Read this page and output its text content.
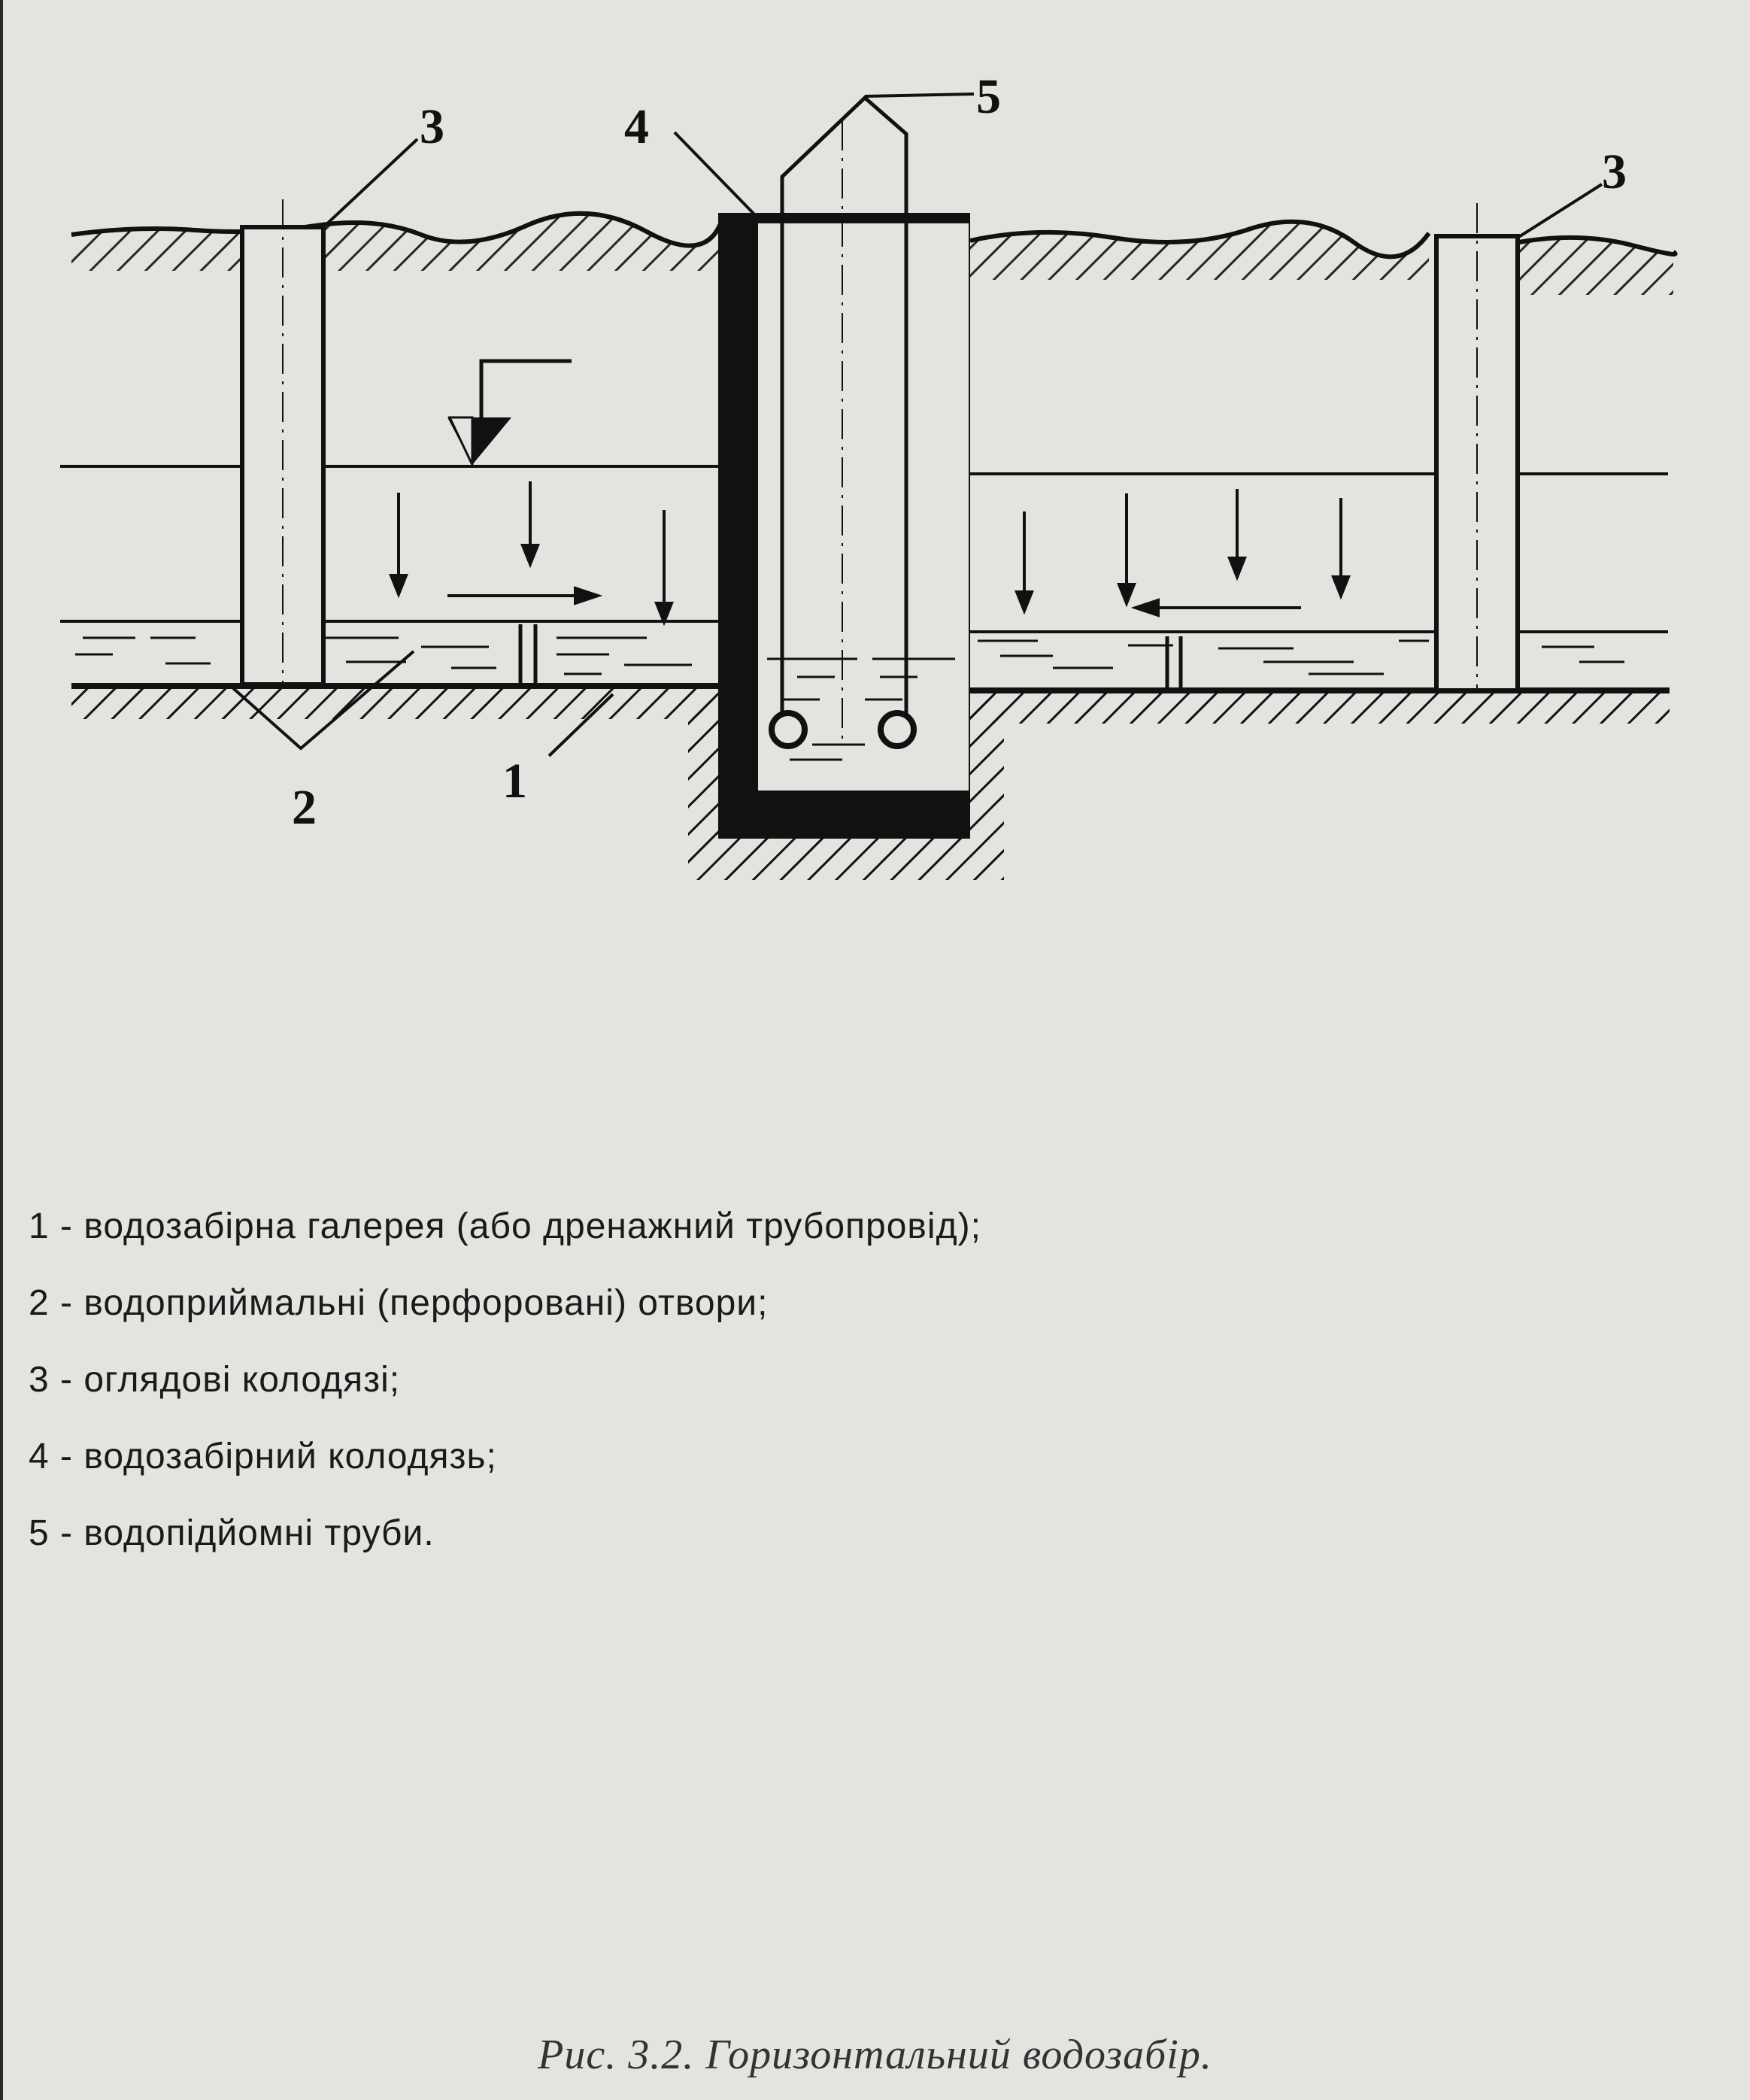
1
2
3
3
4
5
1 - водозабірна галерея (або дренажний трубопровід);
2 - водоприймальні (перфоровані) отвори;
3 - оглядові колодязі;
4 - водозабірний колодязь;
5 - водопідйомні труби.
Рис. 3.2. Горизонтальний водозабір.
